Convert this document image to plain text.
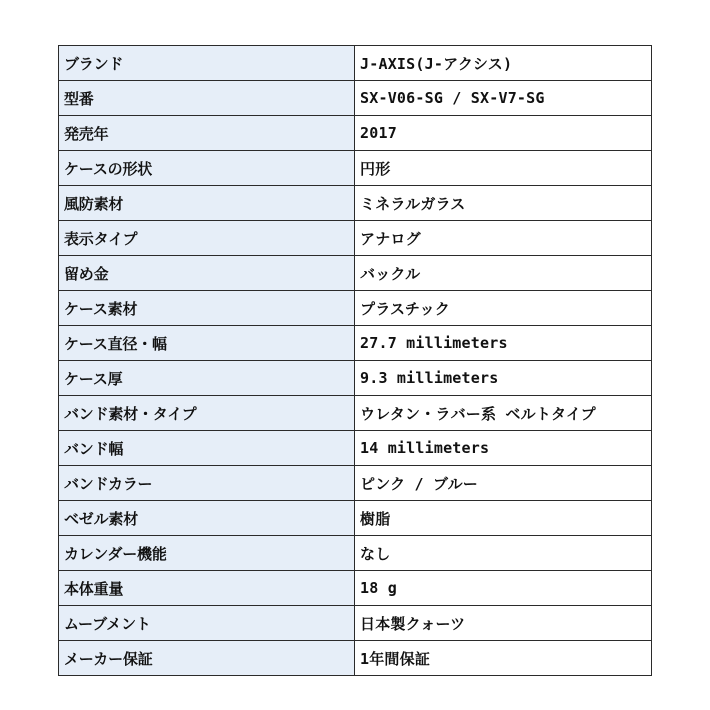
ブランド	J-AXIS(J-アクシス)
型番	SX-V06-SG / SX-V7-SG
発売年	2017
ケースの形状	円形
風防素材	ミネラルガラス
表示タイプ	アナログ
留め金	バックル
ケース素材	プラスチック
ケース直径・幅	27.7 millimeters
ケース厚	9.3 millimeters
バンド素材・タイプ	ウレタン・ラバー系 ベルトタイプ
バンド幅	14 millimeters
バンドカラー	ピンク / ブルー
ベゼル素材	樹脂
カレンダー機能	なし
本体重量	18 g
ムーブメント	日本製クォーツ
メーカー保証	1年間保証
